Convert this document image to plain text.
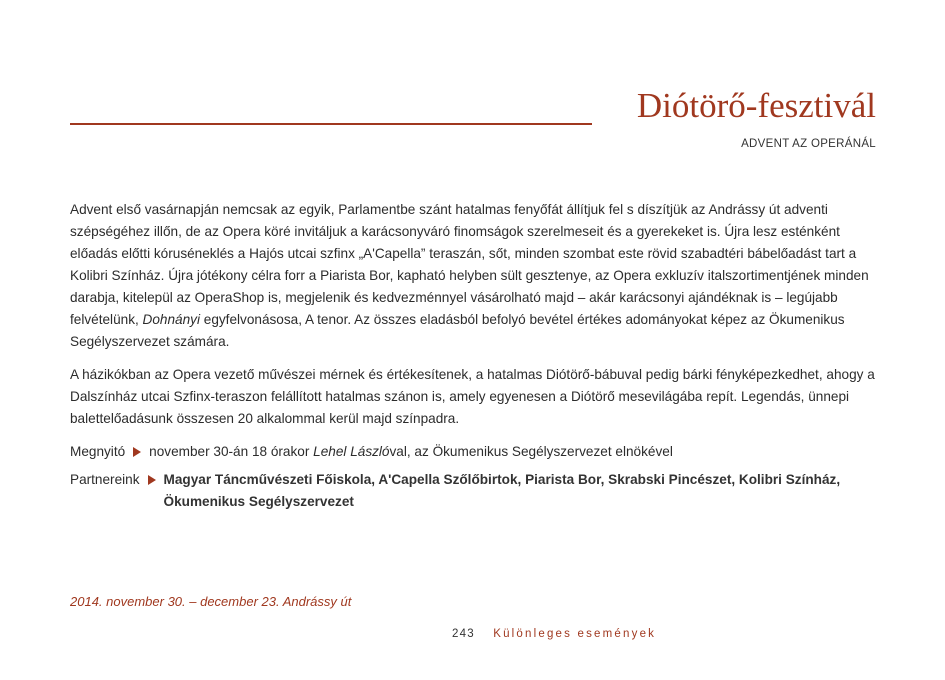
Diótörő-fesztivál
ADVENT AZ OPERÁNÁL

Advent első vasárnapján nemcsak az egyik, Parlamentbe szánt hatalmas fenyőfát állítjuk fel s díszítjük az Andrássy út adventi szépségéhez illőn, de az Opera köré invitáljuk a karácsonyváró finomságok szerelmeseit és a gyerekeket is. Újra lesz esténként előadás előtti kóruséneklés a Hajós utcai szfinx „A'Capella” teraszán, sőt, minden szombat este rövid szabadtéri bábelőadást tart a Kolibri Színház. Újra jótékony célra forr a Piarista Bor, kapható helyben sült gesztenye, az Opera exkluzív italszortimentjének minden darabja, kitelepül az OperaShop is, megjelenik és kedvezménnyel vásárolható majd – akár karácsonyi ajándéknak is – legújabb felvételünk, Dohnányi egyfelvonásosa, A tenor. Az összes eladásból befolyó bevétel értékes adományokat képez az Ökumenikus Segélyszervezet számára.

A házikókban az Opera vezető művészei mérnek és értékesítenek, a hatalmas Diótörő-bábuval pedig bárki fényképezkedhet, ahogy a Dalszínház utcai Szfinx-teraszon felállított hatalmas szánon is, amely egyenesen a Diótörő mesevilágába repít. Legendás, ünnepi balettelőadásunk összesen 20 alkalommal kerül majd színpadra.

Megnyitó november 30-án 18 órakor Lehel Lászlóval, az Ökumenikus Segélyszervezet elnökével
Partnereink Magyar Táncművészeti Főiskola, A'Capella Szőlőbirtok, Piarista Bor, Skrabski Pincészet, Kolibri Színház, Ökumenikus Segélyszervezet
2014. november 30. – december 23. Andrássy út
243 Különleges események
